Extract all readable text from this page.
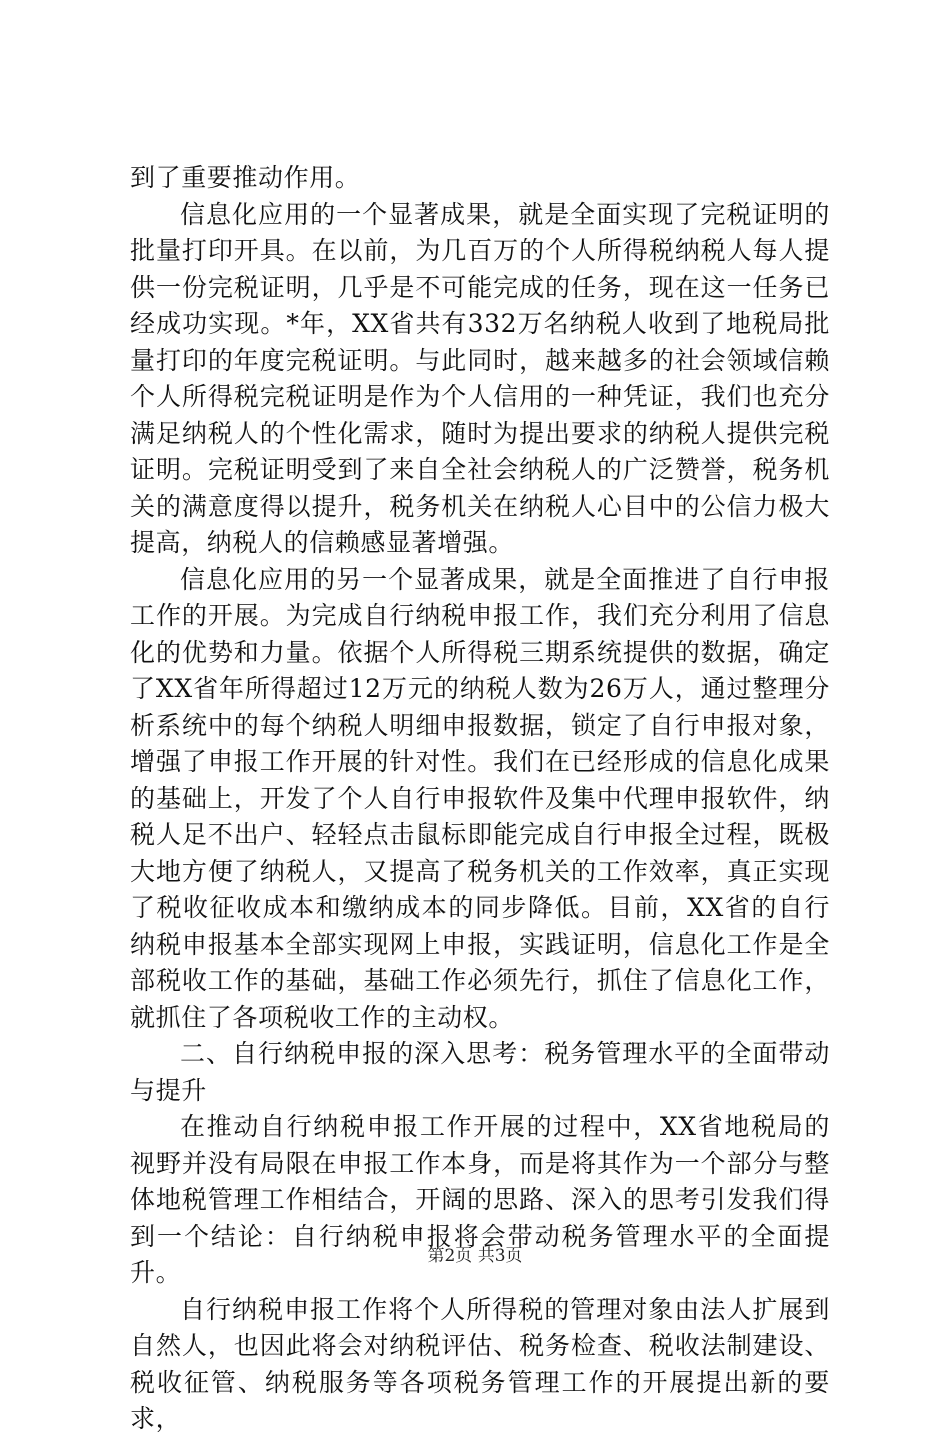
到了重要推动作用。

信息化应用的一个显著成果，就是全面实现了完税证明的批量打印开具。在以前，为几百万的个人所得税纳税人每人提供一份完税证明，几乎是不可能完成的任务，现在这一任务已经成功实现。*年，XX省共有332万名纳税人收到了地税局批量打印的年度完税证明。与此同时，越来越多的社会领域信赖个人所得税完税证明是作为个人信用的一种凭证，我们也充分满足纳税人的个性化需求，随时为提出要求的纳税人提供完税证明。完税证明受到了来自全社会纳税人的广泛赞誉，税务机关的满意度得以提升，税务机关在纳税人心目中的公信力极大提高，纳税人的信赖感显著增强。

信息化应用的另一个显著成果，就是全面推进了自行申报工作的开展。为完成自行纳税申报工作，我们充分利用了信息化的优势和力量。依据个人所得税三期系统提供的数据，确定了XX省年所得超过12万元的纳税人数为26万人，通过整理分析系统中的每个纳税人明细申报数据，锁定了自行申报对象，增强了申报工作开展的针对性。我们在已经形成的信息化成果的基础上，开发了个人自行申报软件及集中代理申报软件，纳税人足不出户、轻轻点击鼠标即能完成自行申报全过程，既极大地方便了纳税人，又提高了税务机关的工作效率，真正实现了税收征收成本和缴纳成本的同步降低。目前，XX省的自行纳税申报基本全部实现网上申报，实践证明，信息化工作是全部税收工作的基础，基础工作必须先行，抓住了信息化工作，就抓住了各项税收工作的主动权。

二、自行纳税申报的深入思考：税务管理水平的全面带动与提升

在推动自行纳税申报工作开展的过程中，XX省地税局的视野并没有局限在申报工作本身，而是将其作为一个部分与整体地税管理工作相结合，开阔的思路、深入的思考引发我们得到一个结论：自行纳税申报将会带动税务管理水平的全面提升。

自行纳税申报工作将个人所得税的管理对象由法人扩展到自然人，也因此将会对纳税评估、税务检查、税收法制建设、税收征管、纳税服务等各项税务管理工作的开展提出新的要求，

第2页 共3页
